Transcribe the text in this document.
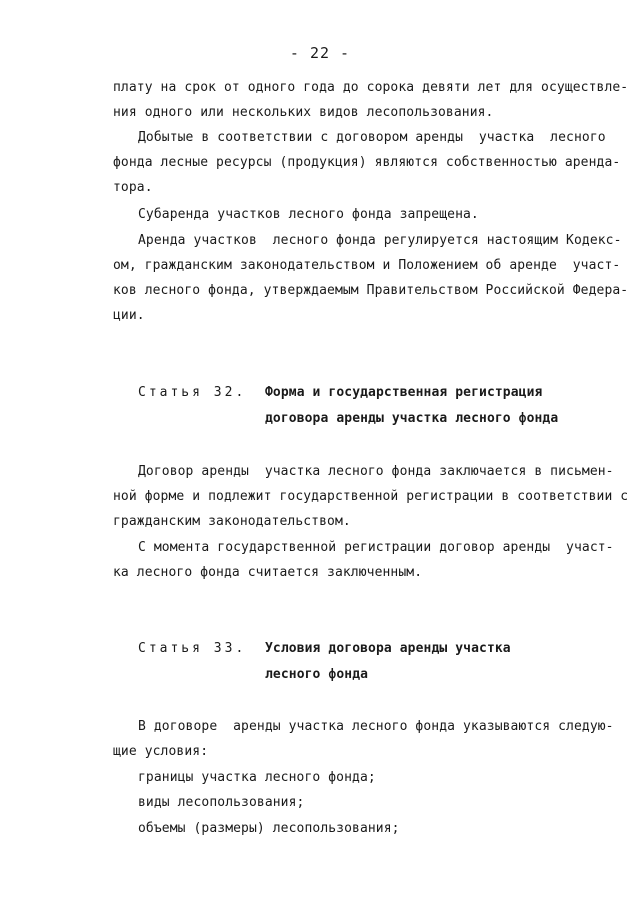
- 22 -
плату на срок от одного года до сорока девяти лет для осуществле-
ния одного или нескольких видов лесопользования.
Добытые в соответствии с договором аренды  участка  лесного
фонда лесные ресурсы (продукция) являются собственностью арендa-
тора.
Субаренда участков лесного фонда запрещена.
Аренда участков  лесного фонда регулируется настоящим Кодекс-
ом, гражданским законодательством и Положением об аренде  участ-
ков лесного фонда, утверждаемым Правительством Российской Федера-
ции.
Статья 32. Форма и государственная регистрация
договора аренды участка лесного фонда
Договор аренды  участка лесного фонда заключается в письмен-
ной форме и подлежит государственной регистрации в соответствии с
гражданским законодательством.
С момента государственной регистрации договор аренды  участ-
ка лесного фонда считается заключенным.
Статья 33. Условия договора аренды участка
лесного фонда
В договоре  аренды участка лесного фонда указываются следую-
щие условия:
границы участка лесного фонда;
виды лесопользования;
объемы (размеры) лесопользования;
